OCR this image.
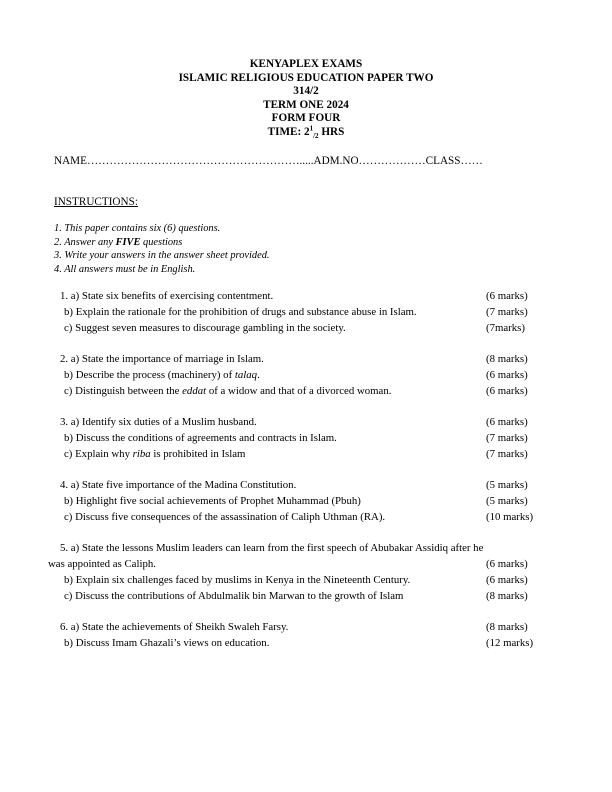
KENYAPLEX EXAMS
ISLAMIC RELIGIOUS EDUCATION PAPER TWO
314/2
TERM ONE 2024
FORM FOUR
TIME: $2^1_{/2}$ HRS
NAME………………………………………………….....ADM.NO………………CLASS……
INSTRUCTIONS:
1. This paper contains six (6) questions.
2. Answer any FIVE questions
3. Write your answers in the answer sheet provided.
4. All answers must be in English.
1. a) State six benefits of exercising contentment.	(6 marks)
b) Explain the rationale for the prohibition of drugs and substance abuse in Islam.	(7 marks)
c) Suggest seven measures to discourage gambling in the society.	(7marks)
2. a) State the importance of marriage in Islam.	(8 marks)
b) Describe the process (machinery) of talaq.	(6 marks)
c) Distinguish between the eddat of a widow and that of a divorced woman.	(6 marks)
3. a) Identify six duties of a Muslim husband.	(6 marks)
b) Discuss the conditions of agreements and contracts in Islam.	(7 marks)
c) Explain why riba is prohibited in Islam	(7 marks)
4. a) State five importance of the Madina Constitution.	(5 marks)
b) Highlight five social achievements of Prophet Muhammad (Pbuh)	(5 marks)
c) Discuss five consequences of the assassination of Caliph Uthman (RA).	(10 marks)
5. a) State the lessons Muslim leaders can learn from the first speech of Abubakar Assidiq after he
was appointed as Caliph.	(6 marks)
b) Explain six challenges faced by muslims in Kenya in the Nineteenth Century.	(6 marks)
c) Discuss the contributions of Abdulmalik bin Marwan to the growth of Islam	(8 marks)
6. a) State the achievements of Sheikh Swaleh Farsy.	(8 marks)
b) Discuss Imam Ghazali’s views on education.	(12 marks)
